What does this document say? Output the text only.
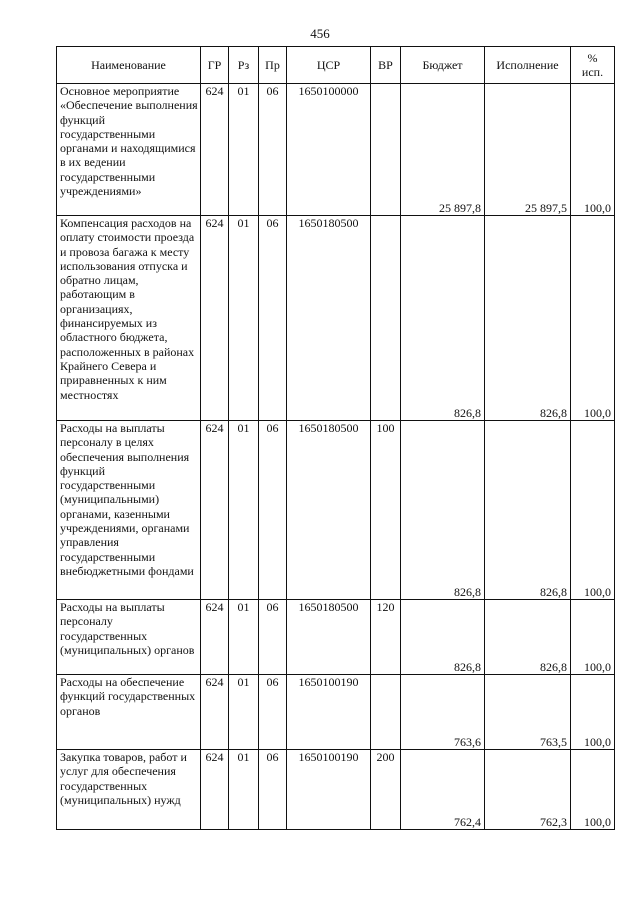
456
Наименование	ГР	Рз	Пр	ЦСР	ВР	Бюджет	Исполнение	%
исп.
Основное мероприятие «Обеспечение выполнения функций государственными органами и находящимися в их ведении государственными учреждениями»	624	01	06	1650100000		25 897,8	25 897,5	100,0
Компенсация расходов на оплату стоимости проезда и провоза багажа к месту использования отпуска и обратно лицам, работающим в организациях, финансируемых из областного бюджета, расположенных в районах Крайнего Севера и приравненных к ним местностях	624	01	06	1650180500		826,8	826,8	100,0
Расходы на выплаты персоналу в целях обеспечения выполнения функций государственными (муниципальными) органами, казенными учреждениями, органами управления государственными внебюджетными фондами	624	01	06	1650180500	100	826,8	826,8	100,0
Расходы на выплаты персоналу государственных (муниципальных) органов	624	01	06	1650180500	120	826,8	826,8	100,0
Расходы на обеспечение функций государственных органов	624	01	06	1650100190		763,6	763,5	100,0
Закупка товаров, работ и услуг для обеспечения государственных (муниципальных) нужд	624	01	06	1650100190	200	762,4	762,3	100,0
